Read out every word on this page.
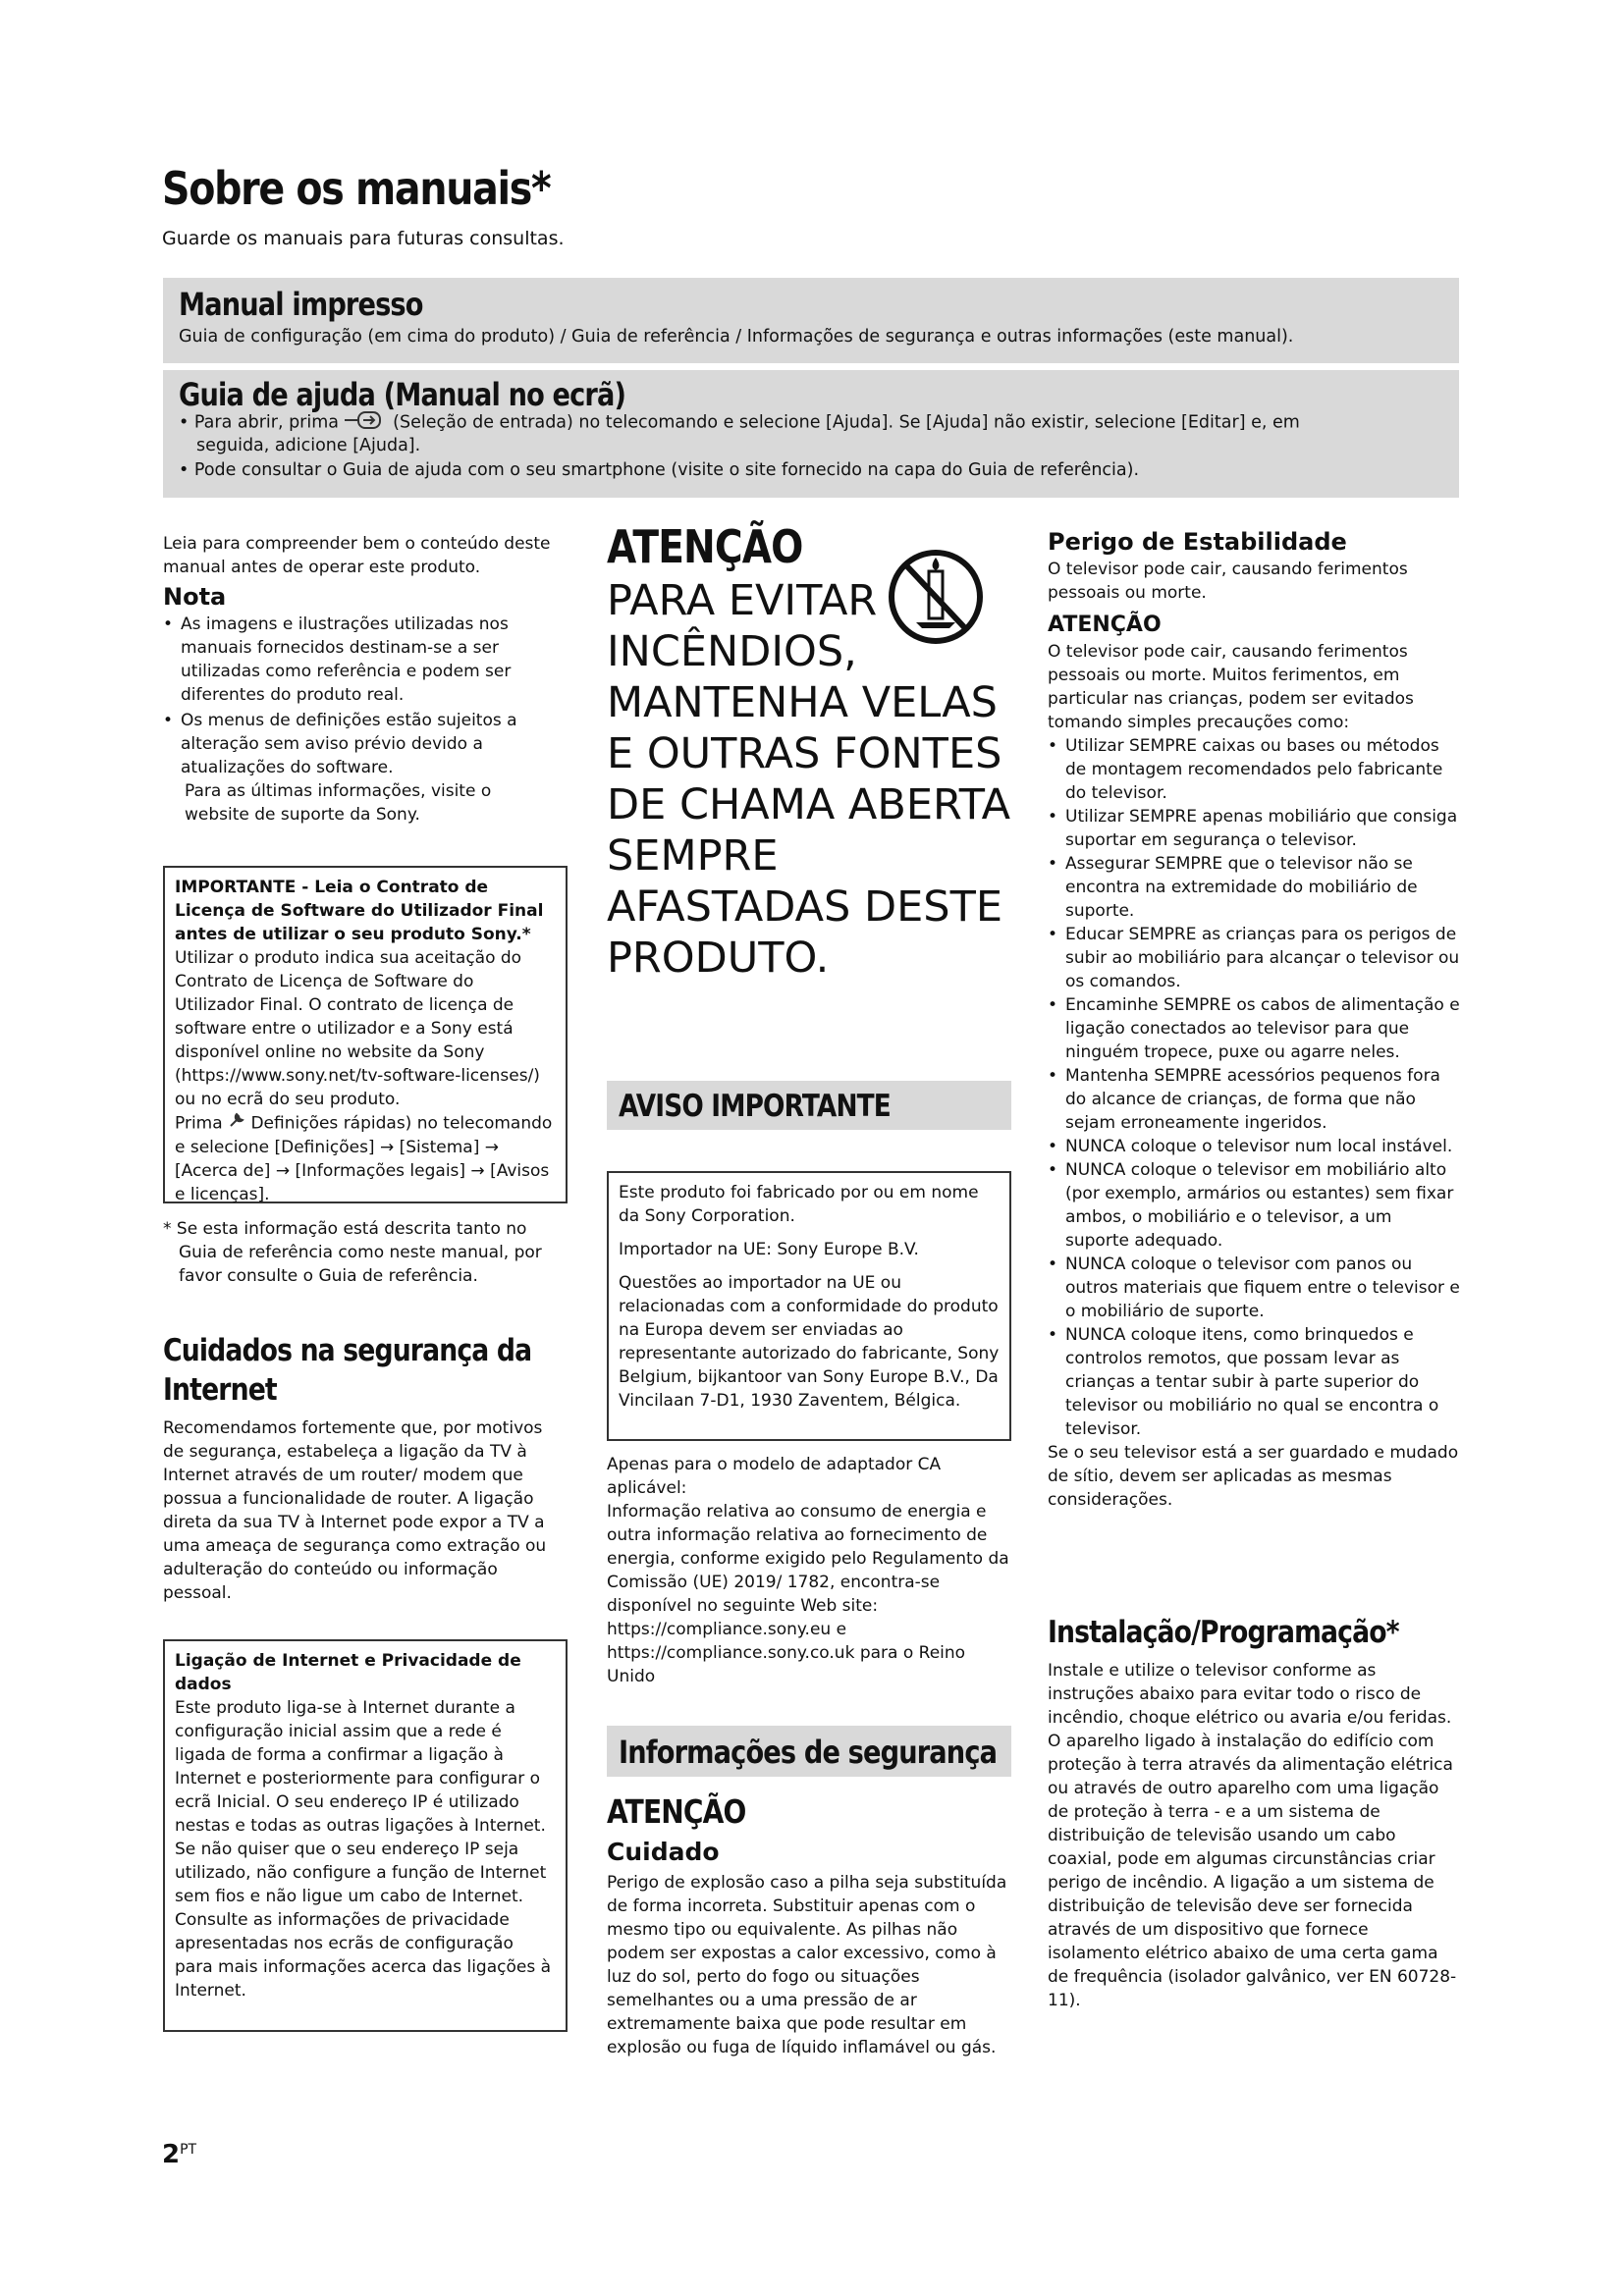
Sobre os manuais*
Guarde os manuais para futuras consultas.
Manual impresso
Guia de configuração (em cima do produto) / Guia de referência / Informações de segurança e outras informações (este manual).
Guia de ajuda (Manual no ecrã)
• Para abrir, prima	(Seleção de entrada) no telecomando e selecione [Ajuda]. Se [Ajuda] não existir, selecione [Editar] e, em
seguida, adicione [Ajuda].
• Pode consultar o Guia de ajuda com o seu smartphone (visite o site fornecido na capa do Guia de referência).
Leia para compreender bem o conteúdo deste manual antes de operar este produto.
Nota
• As imagens e ilustrações utilizadas nos manuais fornecidos destinam-se a ser utilizadas como referência e podem ser diferentes do produto real.
• Os menus de definições estão sujeitos a alteração sem aviso prévio devido a atualizações do software.
Para as últimas informações, visite o website de suporte da Sony.
IMPORTANTE - Leia o Contrato de Licença de Software do Utilizador Final antes de utilizar o seu produto Sony.*
Utilizar o produto indica sua aceitação do Contrato de Licença de Software do Utilizador Final. O contrato de licença de software entre o utilizador e a Sony está disponível online no website da Sony (https://www.sony.net/tv-software-licenses/) ou no ecrã do seu produto.
Prima Definições rápidas) no telecomando e selecione [Definições] → [Sistema] → [Acerca de] → [Informações legais] → [Avisos e licenças].
* Se esta informação está descrita tanto no Guia de referência como neste manual, por favor consulte o Guia de referência.
Cuidados na segurança da Internet
Recomendamos fortemente que, por motivos de segurança, estabeleça a ligação da TV à Internet através de um router/ modem que possua a funcionalidade de router. A ligação direta da sua TV à Internet pode expor a TV a uma ameaça de segurança como extração ou adulteração do conteúdo ou informação pessoal.
Ligação de Internet e Privacidade de dados
Este produto liga-se à Internet durante a configuração inicial assim que a rede é ligada de forma a confirmar a ligação à Internet e posteriormente para configurar o ecrã Inicial. O seu endereço IP é utilizado nestas e todas as outras ligações à Internet. Se não quiser que o seu endereço IP seja utilizado, não configure a função de Internet sem fios e não ligue um cabo de Internet. Consulte as informações de privacidade apresentadas nos ecrãs de configuração para mais informações acerca das ligações à Internet.
ATENÇÃO
PARA EVITAR INCÊNDIOS, MANTENHA VELAS E OUTRAS FONTES DE CHAMA ABERTA SEMPRE AFASTADAS DESTE PRODUTO.
AVISO IMPORTANTE
Este produto foi fabricado por ou em nome da Sony Corporation.
Importador na UE: Sony Europe B.V.
Questões ao importador na UE ou relacionadas com a conformidade do produto na Europa devem ser enviadas ao representante autorizado do fabricante, Sony Belgium, bijkantoor van Sony Europe B.V., Da Vincilaan 7-D1, 1930 Zaventem, Bélgica.
Apenas para o modelo de adaptador CA aplicável:
Informação relativa ao consumo de energia e outra informação relativa ao fornecimento de energia, conforme exigido pelo Regulamento da Comissão (UE) 2019/ 1782, encontra-se disponível no seguinte Web site: https://compliance.sony.eu e https://compliance.sony.co.uk para o Reino Unido
Informações de segurança
ATENÇÃO
Cuidado
Perigo de explosão caso a pilha seja substituída de forma incorreta. Substituir apenas com o mesmo tipo ou equivalente. As pilhas não podem ser expostas a calor excessivo, como à luz do sol, perto do fogo ou situações semelhantes ou a uma pressão de ar extremamente baixa que pode resultar em explosão ou fuga de líquido inflamável ou gás.
Perigo de Estabilidade
O televisor pode cair, causando ferimentos pessoais ou morte.
ATENÇÃO
O televisor pode cair, causando ferimentos pessoais ou morte. Muitos ferimentos, em particular nas crianças, podem ser evitados tomando simples precauções como:
• Utilizar SEMPRE caixas ou bases ou métodos de montagem recomendados pelo fabricante do televisor.
• Utilizar SEMPRE apenas mobiliário que consiga suportar em segurança o televisor.
• Assegurar SEMPRE que o televisor não se encontra na extremidade do mobiliário de suporte.
• Educar SEMPRE as crianças para os perigos de subir ao mobiliário para alcançar o televisor ou os comandos.
• Encaminhe SEMPRE os cabos de alimentação e ligação conectados ao televisor para que ninguém tropece, puxe ou agarre neles.
• Mantenha SEMPRE acessórios pequenos fora do alcance de crianças, de forma que não sejam erroneamente ingeridos.
• NUNCA coloque o televisor num local instável.
• NUNCA coloque o televisor em mobiliário alto (por exemplo, armários ou estantes) sem fixar ambos, o mobiliário e o televisor, a um suporte adequado.
• NUNCA coloque o televisor com panos ou outros materiais que fiquem entre o televisor e o mobiliário de suporte.
• NUNCA coloque itens, como brinquedos e controlos remotos, que possam levar as crianças a tentar subir à parte superior do televisor ou mobiliário no qual se encontra o televisor.
Se o seu televisor está a ser guardado e mudado de sítio, devem ser aplicadas as mesmas considerações.
Instalação/Programação*
Instale e utilize o televisor conforme as instruções abaixo para evitar todo o risco de incêndio, choque elétrico ou avaria e/ou feridas.
O aparelho ligado à instalação do edifício com proteção à terra através da alimentação elétrica ou através de outro aparelho com uma ligação de proteção à terra - e a um sistema de distribuição de televisão usando um cabo coaxial, pode em algumas circunstâncias criar perigo de incêndio. A ligação a um sistema de distribuição de televisão deve ser fornecida através de um dispositivo que fornece isolamento elétrico abaixo de uma certa gama de frequência (isolador galvânico, ver EN 60728-11).
$2^{PT}$
